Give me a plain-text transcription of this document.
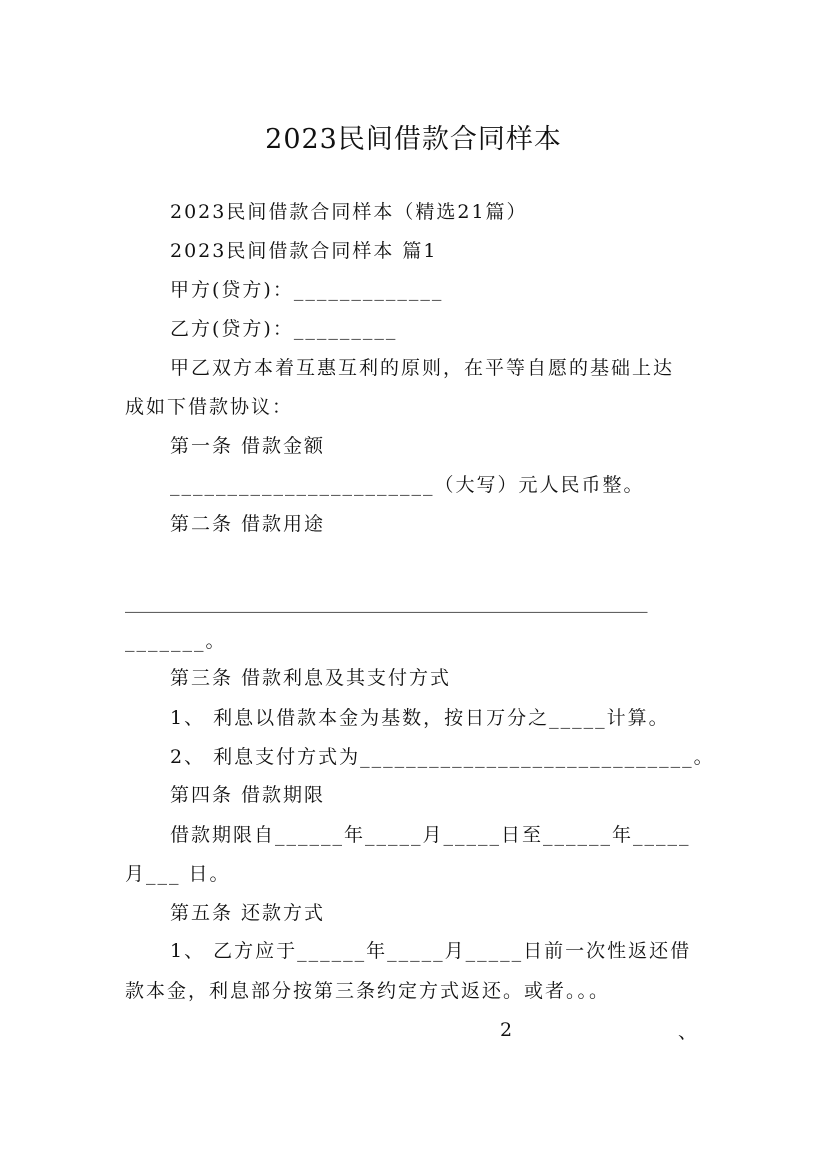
2023民间借款合同样本
2023民间借款合同样本（精选21篇）
2023民间借款合同样本 篇1
甲方(贷方)：_____________
乙方(贷方)：_________
甲乙双方本着互惠互利的原则，在平等自愿的基础上达
成如下借款协议：
第一条 借款金额
_______________________（大写）元人民币整。
第二条 借款用途
_______________________________________________________
_______。
第三条 借款利息及其支付方式
1、 利息以借款本金为基数，按日万分之_____计算。
2、 利息支付方式为_____________________________。
第四条 借款期限
借款期限自______年_____月_____日至______年_____
月___ 日。
第五条 还款方式
1、 乙方应于______年_____月_____日前一次性返还借
款本金，利息部分按第三条约定方式返还。或者。。。
2	、
